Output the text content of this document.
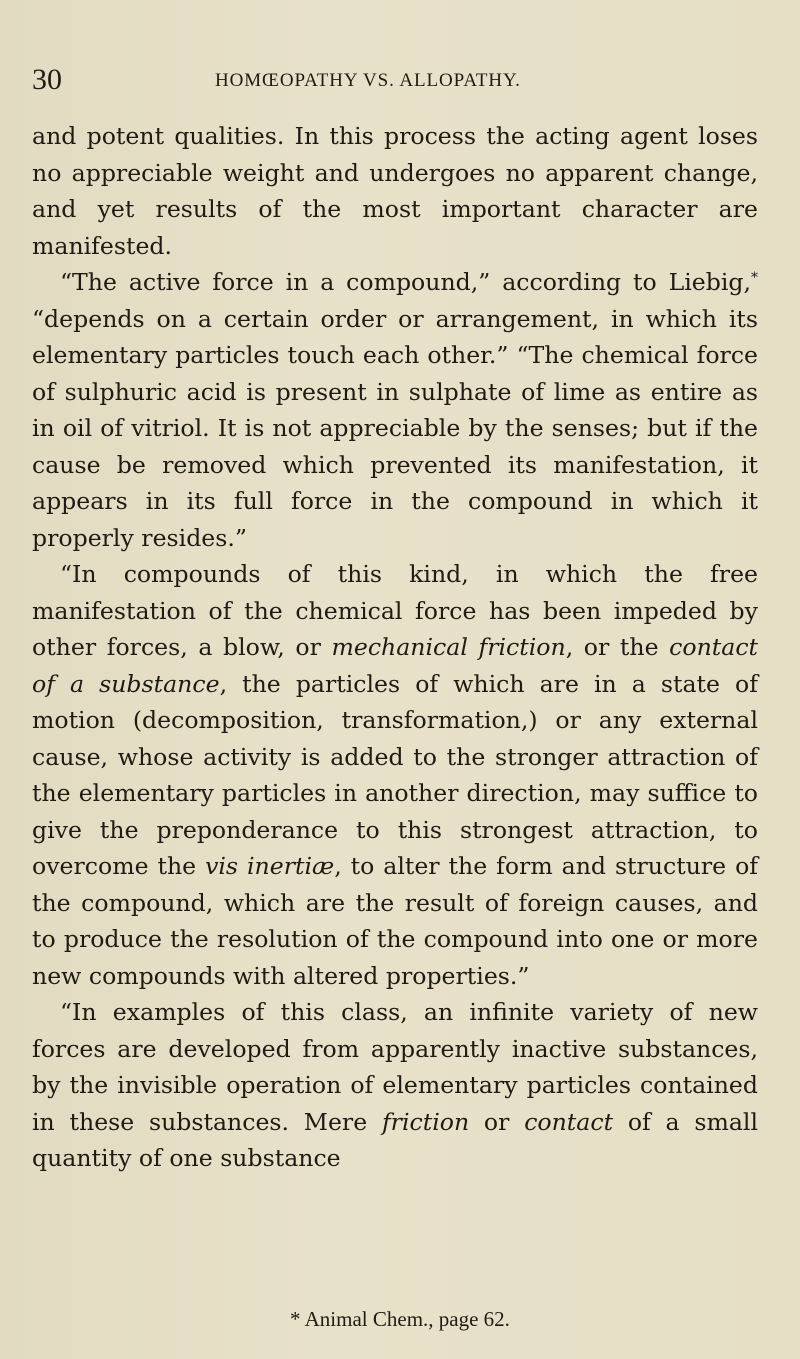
30	HOMŒOPATHY VS. ALLOPATHY.

and potent qualities. In this process the acting agent loses no appreciable weight and undergoes no apparent change, and yet results of the most important character are manifested.

“The active force in a compound,” according to Liebig,* “depends on a certain order or arrangement, in which its elementary particles touch each other.” “The chemical force of sulphuric acid is present in sulphate of lime as entire as in oil of vitriol. It is not appreciable by the senses; but if the cause be removed which prevented its manifestation, it appears in its full force in the compound in which it properly resides.”

“In compounds of this kind, in which the free manifestation of the chemical force has been impeded by other forces, a blow, or mechanical friction, or the contact of a substance, the particles of which are in a state of motion (decomposition, transformation,) or any external cause, whose activity is added to the stronger attraction of the elementary particles in another direction, may suffice to give the preponderance to this strongest attraction, to overcome the vis inertiæ, to alter the form and structure of the compound, which are the result of foreign causes, and to produce the resolution of the compound into one or more new compounds with altered properties.”

“In examples of this class, an infinite variety of new forces are developed from apparently inactive substances, by the invisible operation of elementary particles contained in these substances. Mere friction or contact of a small quantity of one substance

* Animal Chem., page 62.
